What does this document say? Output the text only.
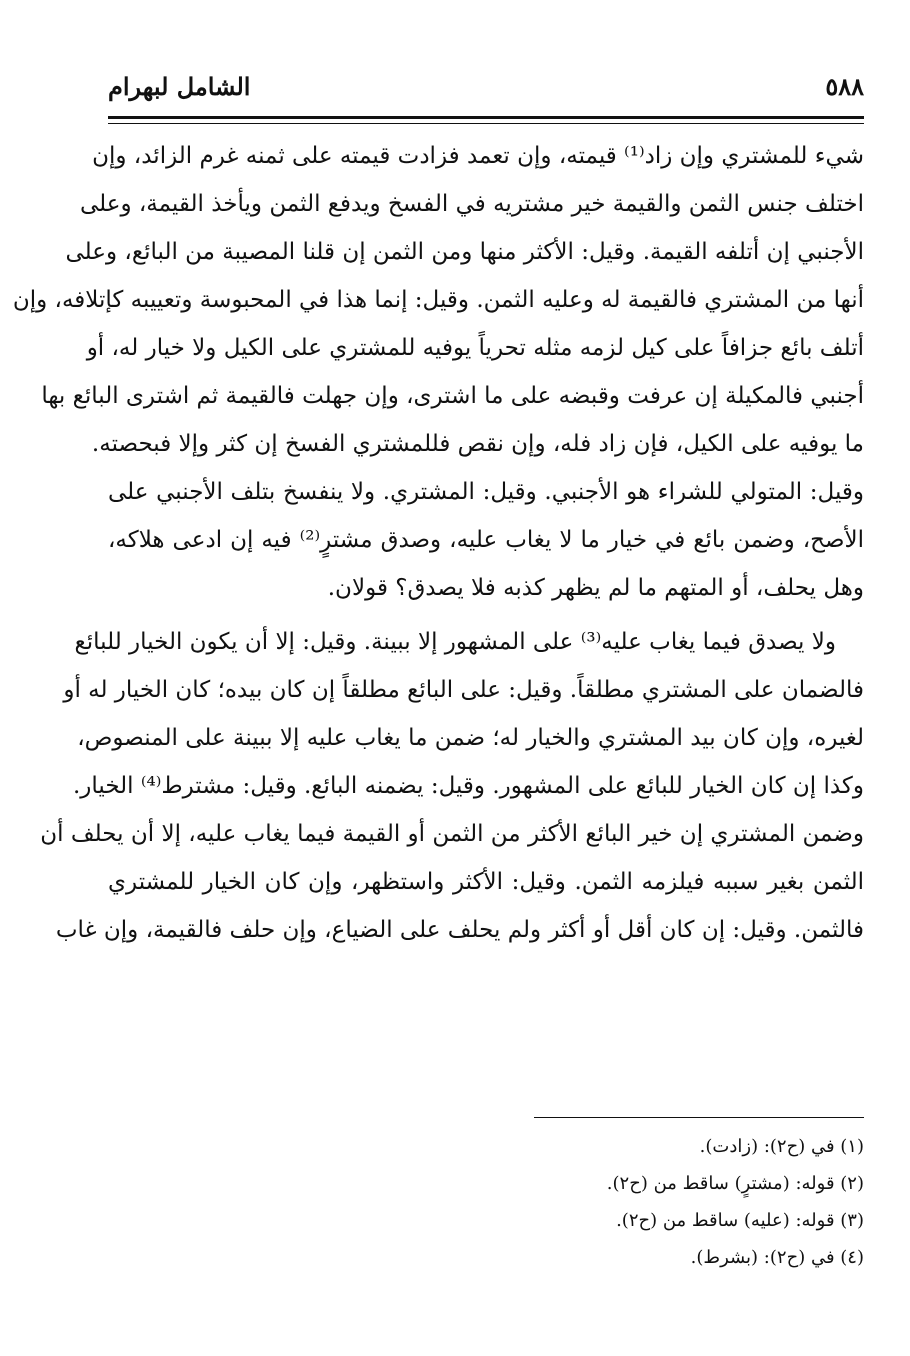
٥٨٨
الشامل لبهرام
شيء للمشتري وإن زاد⁽¹⁾ قيمته، وإن تعمد فزادت قيمته على ثمنه غرم الزائد، وإن
اختلف جنس الثمن والقيمة خير مشتريه في الفسخ ويدفع الثمن ويأخذ القيمة، وعلى
الأجنبي إن أتلفه القيمة. وقيل: الأكثر منها ومن الثمن إن قلنا المصيبة من البائع، وعلى
أنها من المشتري فالقيمة له وعليه الثمن. وقيل: إنما هذا في المحبوسة وتعييبه كإتلافه، وإن
أتلف بائع جزافاً على كيل لزمه مثله تحرياً يوفيه للمشتري على الكيل ولا خيار له، أو
أجنبي فالمكيلة إن عرفت وقبضه على ما اشترى، وإن جهلت فالقيمة ثم اشترى البائع بها
ما يوفيه على الكيل، فإن زاد فله، وإن نقص فللمشتري الفسخ إن كثر وإلا فبحصته.
وقيل: المتولي للشراء هو الأجنبي. وقيل: المشتري. ولا ينفسخ بتلف الأجنبي على
الأصح، وضمن بائع في خيار ما لا يغاب عليه، وصدق مشترٍ⁽²⁾ فيه إن ادعى هلاكه،
وهل يحلف، أو المتهم ما لم يظهر كذبه فلا يصدق؟ قولان.
ولا يصدق فيما يغاب عليه⁽³⁾ على المشهور إلا ببينة. وقيل: إلا أن يكون الخيار للبائع
فالضمان على المشتري مطلقاً. وقيل: على البائع مطلقاً إن كان بيده؛ كان الخيار له أو
لغيره، وإن كان بيد المشتري والخيار له؛ ضمن ما يغاب عليه إلا ببينة على المنصوص،
وكذا إن كان الخيار للبائع على المشهور. وقيل: يضمنه البائع. وقيل: مشترط⁽⁴⁾ الخيار.
وضمن المشتري إن خير البائع الأكثر من الثمن أو القيمة فيما يغاب عليه، إلا أن يحلف أن
الثمن بغير سببه فيلزمه الثمن. وقيل: الأكثر واستظهر، وإن كان الخيار للمشتري
فالثمن. وقيل: إن كان أقل أو أكثر ولم يحلف على الضياع، وإن حلف فالقيمة، وإن غاب
(١) في (ح٢): (زادت).
(٢) قوله: (مشترٍ) ساقط من (ح٢).
(٣) قوله: (عليه) ساقط من (ح٢).
(٤) في (ح٢): (بشرط).
